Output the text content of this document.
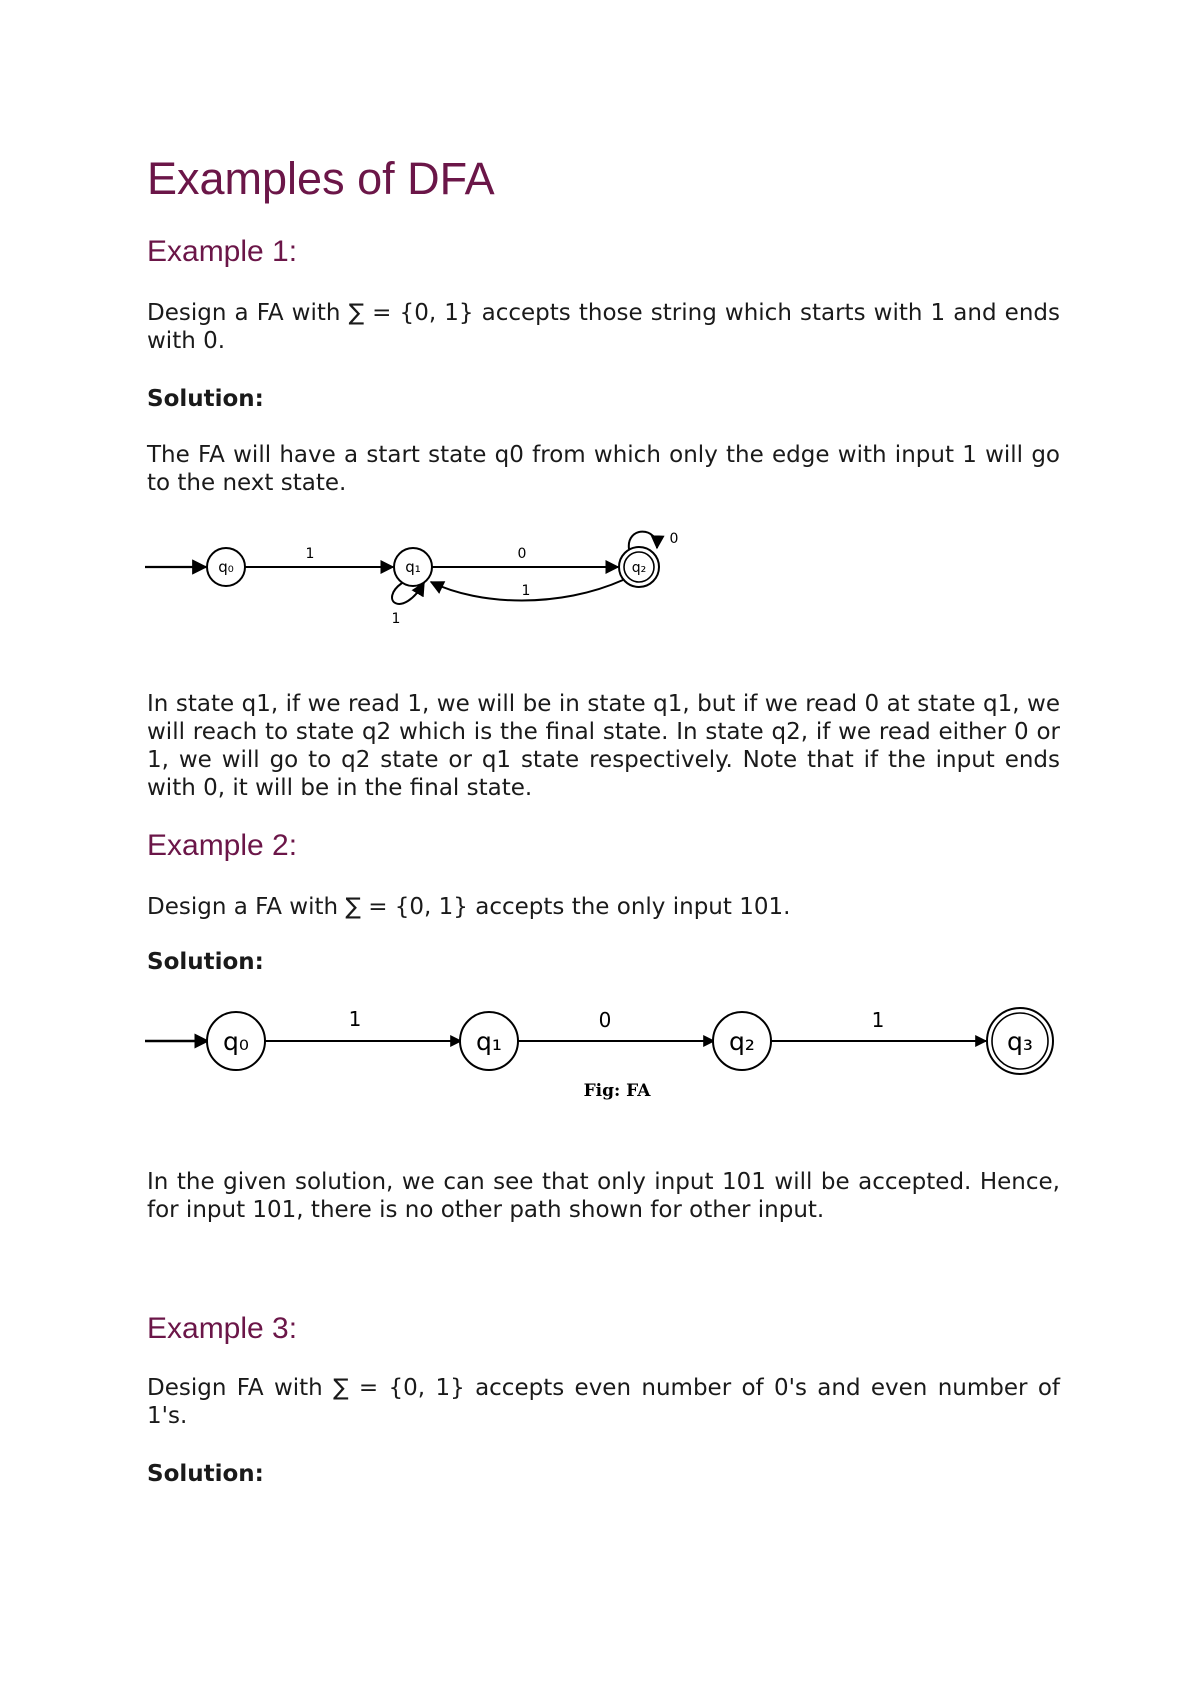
Examples of DFA
Example 1:

Design a FA with ∑ = {0, 1} accepts those string which starts with 1 and ends with 0.

Solution:

The FA will have a start state q0 from which only the edge with input 1 will go to the next state.

q₀
1
q₁
0
q₂
0
1
1

In state q1, if we read 1, we will be in state q1, but if we read 0 at state q1, we will reach to state q2 which is the final state. In state q2, if we read either 0 or 1, we will go to q2 state or q1 state respectively. Note that if the input ends with 0, it will be in the final state.

Example 2:

Design a FA with ∑ = {0, 1} accepts the only input 101.

Solution:

q₀
1
q₁
0
q₂
1
q₃
Fig: FA

In the given solution, we can see that only input 101 will be accepted. Hence, for input 101, there is no other path shown for other input.

Example 3:

Design FA with ∑ = {0, 1} accepts even number of 0's and even number of 1's.

Solution:
